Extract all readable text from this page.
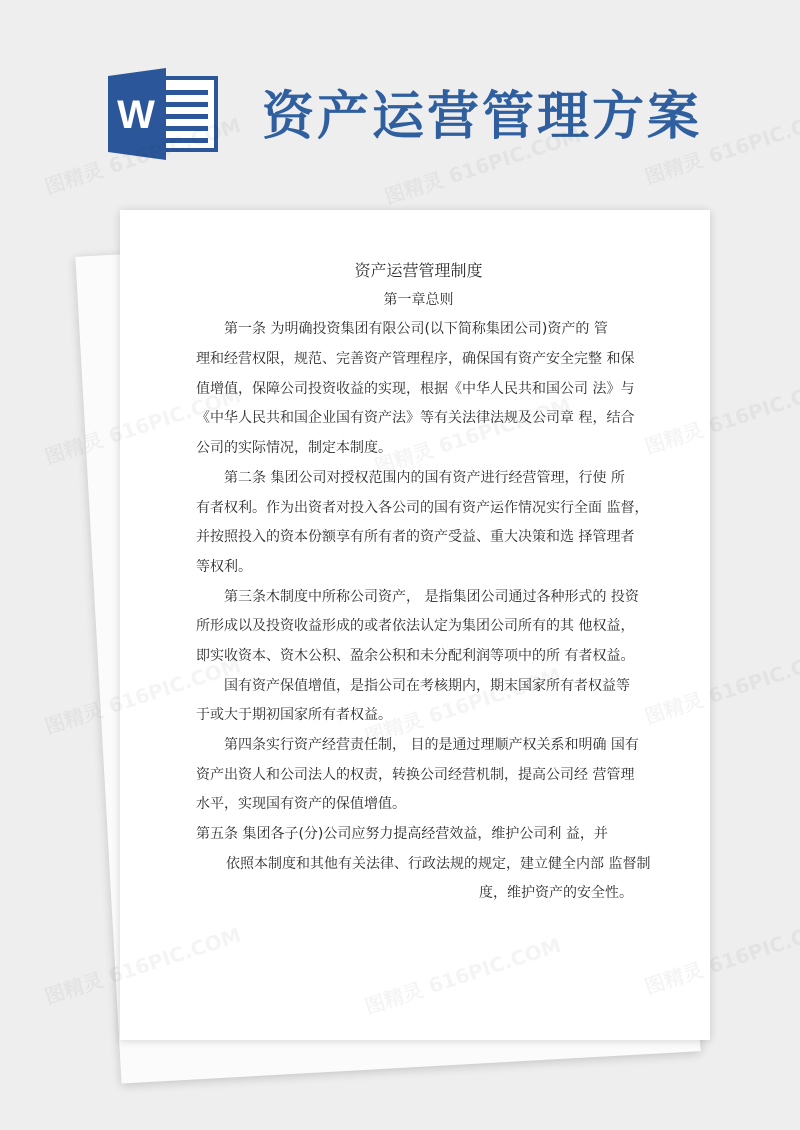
W 资产运营管理方案
资产运营管理制度
第一章总则
第一条 为明确投资集团有限公司(以下简称集团公司)资产的 管
理和经营权限，规范、完善资产管理程序，确保国有资产安全完整 和保
值增值，保障公司投资收益的实现，根据《中华人民共和国公司 法》与
《中华人民共和国企业国有资产法》等有关法律法规及公司章 程，结合
公司的实际情况，制定本制度。
第二条 集团公司对授权范围内的国有资产进行经营管理，行使 所
有者权利。作为出资者对投入各公司的国有资产运作情况实行全面 监督，
并按照投入的资本份额享有所有者的资产受益、重大决策和选 择管理者
等权利。
第三条木制度中所称公司资产， 是指集团公司通过各种形式的 投资
所形成以及投资收益形成的或者依法认定为集团公司所有的其 他权益，
即实收资本、资木公积、盈余公积和未分配利润等项中的所 有者权益。
国有资产保值增值，是指公司在考核期内，期末国家所有者权益等
于或大于期初国家所有者权益。
第四条实行资产经营责任制， 目的是通过理顺产权关系和明确 国有
资产出资人和公司法人的权责，转换公司经营机制，提高公司经 营管理
水平，实现国有资产的保值增值。
第五条 集团各子(分)公司应努力提高经营效益，维护公司利 益，并
依照本制度和其他有关法律、行政法规的规定，建立健全内部 监督制
度，维护资产的安全性。
